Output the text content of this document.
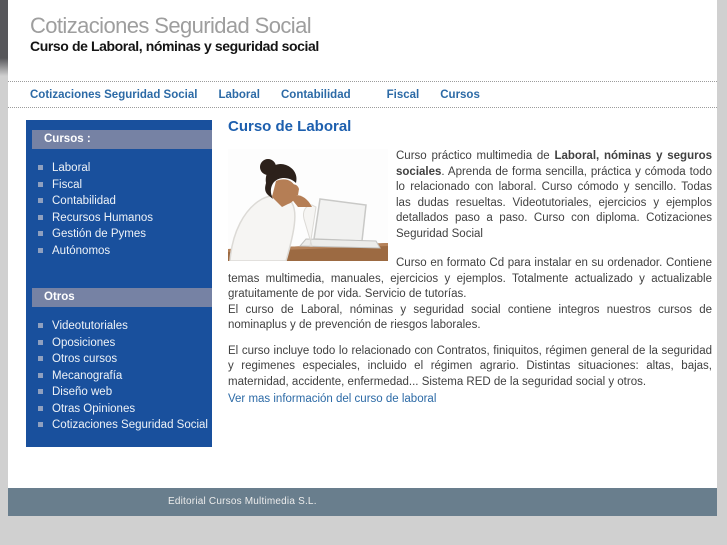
Cotizaciones Seguridad Social
Curso de Laboral, nóminas y seguridad social
Cotizaciones Seguridad Social Laboral Contabilidad	Fiscal Cursos
Cursos :
Laboral
Fiscal
Contabilidad
Recursos Humanos
Gestión de Pymes
Autónomos
Otros
Videotutoriales
Oposiciones
Otros cursos
Mecanografía
Diseño web
Otras Opiniones
Cotizaciones Seguridad Social
Curso de Laboral

Curso práctico multimedia de Laboral, nóminas y seguros sociales. Aprenda de forma sencilla, práctica y cómoda todo lo relacionado con laboral. Curso cómodo y sencillo. Todas las dudas resueltas. Videotutoriales, ejercicios y ejemplos detallados paso a paso. Curso con diploma. Cotizaciones Seguridad Social

Curso en formato Cd para instalar en su ordenador. Contiene temas multimedia, manuales, ejercicios y ejemplos. Totalmente actualizado y actualizable gratuitamente de por vida. Servicio de tutorías.

El curso de Laboral, nóminas y seguridad social contiene integros nuestros cursos de nominaplus y de prevención de riesgos laborales.

El curso incluye todo lo relacionado con Contratos, finiquitos, régimen general de la seguridad y regimenes especiales, incluido el régimen agrario. Distintas situaciones: altas, bajas, maternidad, accidente, enfermedad... Sistema RED de la seguridad social y otros.

Ver mas información del curso de laboral
Editorial Cursos Multimedia S.L.
